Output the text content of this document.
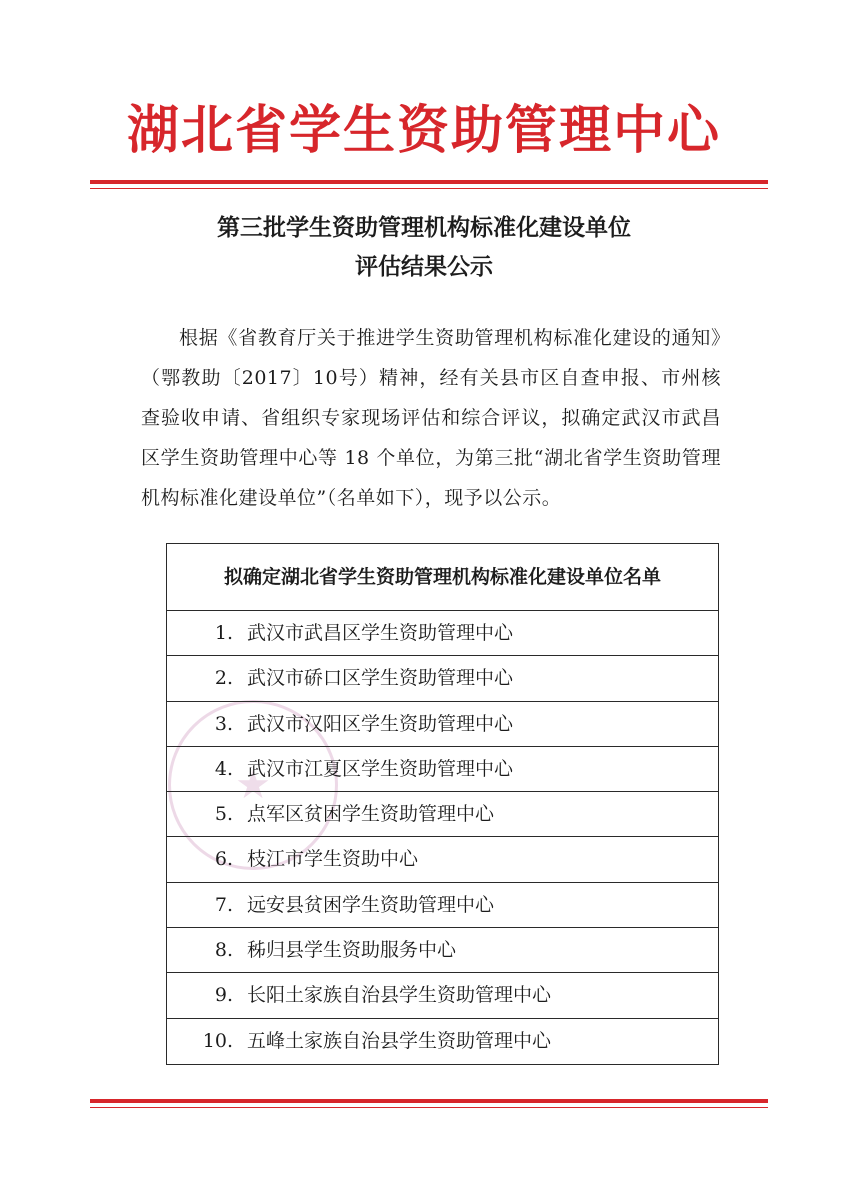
湖北省学生资助管理中心
第三批学生资助管理机构标准化建设单位
评估结果公示
根据《省教育厅关于推进学生资助管理机构标准化建设的通知》（鄂教助〔2017〕10号）精神，经有关县市区自查申报、市州核查验收申请、省组织专家现场评估和综合评议，拟确定武汉市武昌区学生资助管理中心等 18 个单位，为第三批“湖北省学生资助管理机构标准化建设单位”（名单如下），现予以公示。
★
拟确定湖北省学生资助管理机构标准化建设单位名单
1. 武汉市武昌区学生资助管理中心
2. 武汉市硚口区学生资助管理中心
3. 武汉市汉阳区学生资助管理中心
4. 武汉市江夏区学生资助管理中心
5. 点军区贫困学生资助管理中心
6. 枝江市学生资助中心
7. 远安县贫困学生资助管理中心
8. 秭归县学生资助服务中心
9. 长阳土家族自治县学生资助管理中心
10. 五峰土家族自治县学生资助管理中心
